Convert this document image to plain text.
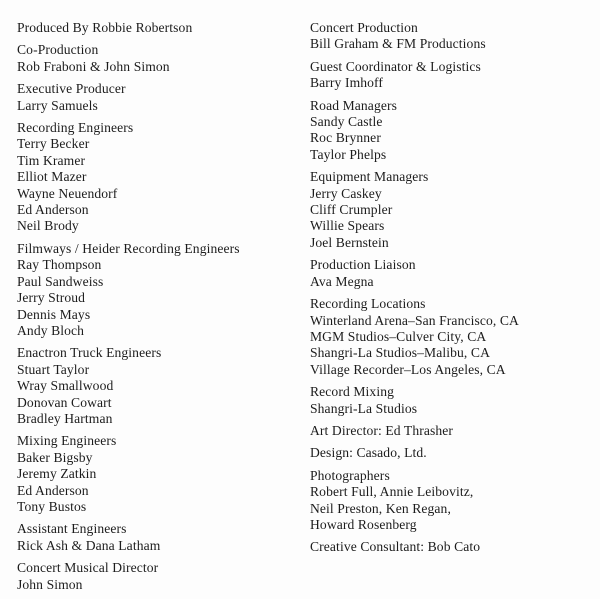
Produced By Robbie Robertson
Co-Production
Rob Fraboni & John Simon
Executive Producer
Larry Samuels
Recording Engineers
Terry Becker
Tim Kramer
Elliot Mazer
Wayne Neuendorf
Ed Anderson
Neil Brody
Filmways / Heider Recording Engineers
Ray Thompson
Paul Sandweiss
Jerry Stroud
Dennis Mays
Andy Bloch
Enactron Truck Engineers
Stuart Taylor
Wray Smallwood
Donovan Cowart
Bradley Hartman
Mixing Engineers
Baker Bigsby
Jeremy Zatkin
Ed Anderson
Tony Bustos
Assistant Engineers
Rick Ash & Dana Latham
Concert Musical Director
John Simon
Concert Production
Bill Graham & FM Productions
Guest Coordinator & Logistics
Barry Imhoff
Road Managers
Sandy Castle
Roc Brynner
Taylor Phelps
Equipment Managers
Jerry Caskey
Cliff Crumpler
Willie Spears
Joel Bernstein
Production Liaison
Ava Megna
Recording Locations
Winterland Arena–San Francisco, CA
MGM Studios–Culver City, CA
Shangri-La Studios–Malibu, CA
Village Recorder–Los Angeles, CA
Record Mixing
Shangri-La Studios
Art Director: Ed Thrasher
Design: Casado, Ltd.
Photographers
Robert Full, Annie Leibovitz,
Neil Preston, Ken Regan,
Howard Rosenberg
Creative Consultant: Bob Cato
